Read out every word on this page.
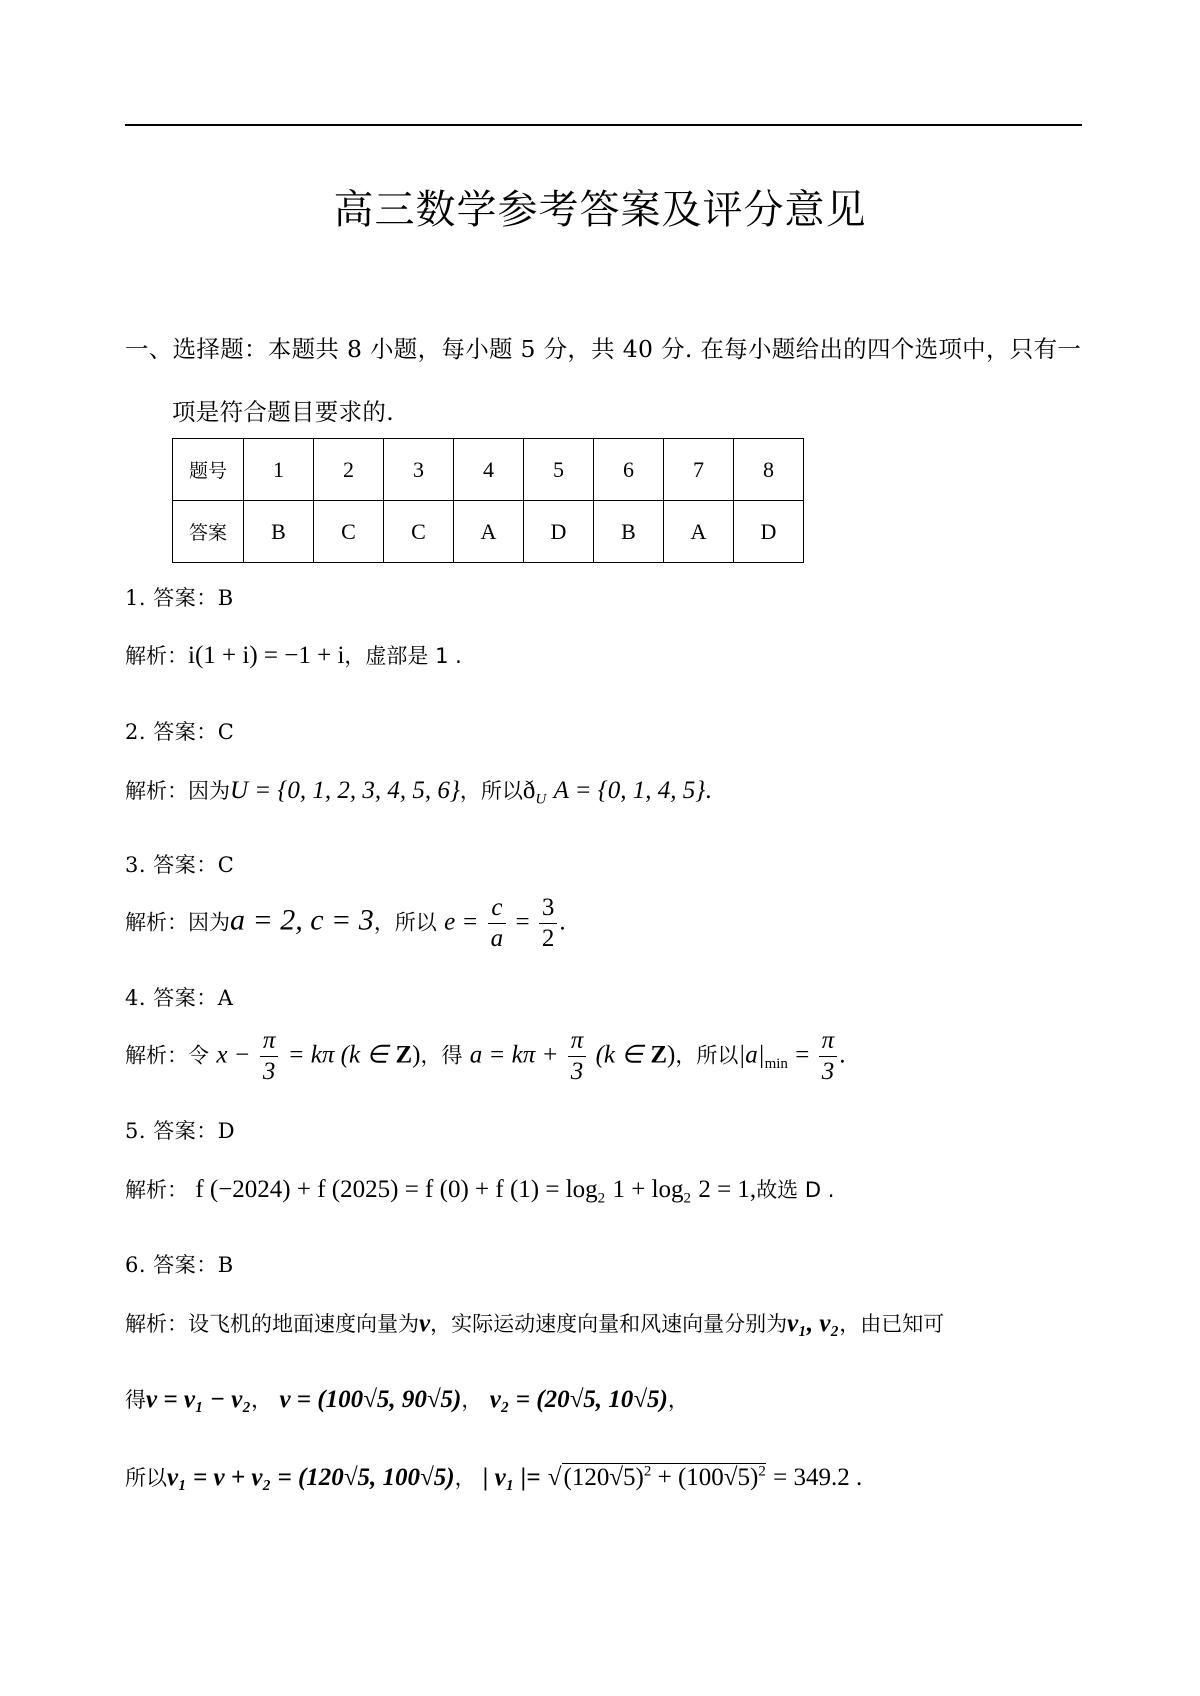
高三数学参考答案及评分意见
一、选择题：本题共 8 小题，每小题 5 分，共 40 分. 在每小题给出的四个选项中，只有一
项是符合题目要求的.
题号	1	2	3	4	5	6	7	8
答案	B	C	C	A	D	B	A	D
1. 答案：B
解析：i(1 + i) = −1 + i，虚部是 1 .
2. 答案：C
解析：因为U = {0, 1, 2, 3, 4, 5, 6}，所以$ð_U$ A = {0, 1, 4, 5}.
3. 答案：C
解析：因为a = 2, c = 3，所以 $e = \frac{c}{a} = \frac{3}{2}$ .
4. 答案：A
解析：令 $x - \frac{\pi}{3} = k\pi$ (k ∈ Z)，得 $a = k\pi + \frac{\pi}{3} (k$ ∈ Z)，所以$|a|_{min} = \frac{\pi}{3}$ .
5. 答案：D
解析： f (−2024) + f (2025) = f (0) + f $(1) = \log_2 1 + \log_2 2 = 1$,故选 D .
6. 答案：B
解析：设飞机的地面速度向量为v，实际运动速度向量和风速向量分别为v₁, v₂，由已知可
得v = v₁ − v₂， v = (100√5, 90√5)， v₂ = (20√5, 10√5)，
所以v₁ = v + v₂ = (120√5, 100√5)， | v₁ |= $√(120√5)^2 + (100√5)^2 = 349.2$ .
